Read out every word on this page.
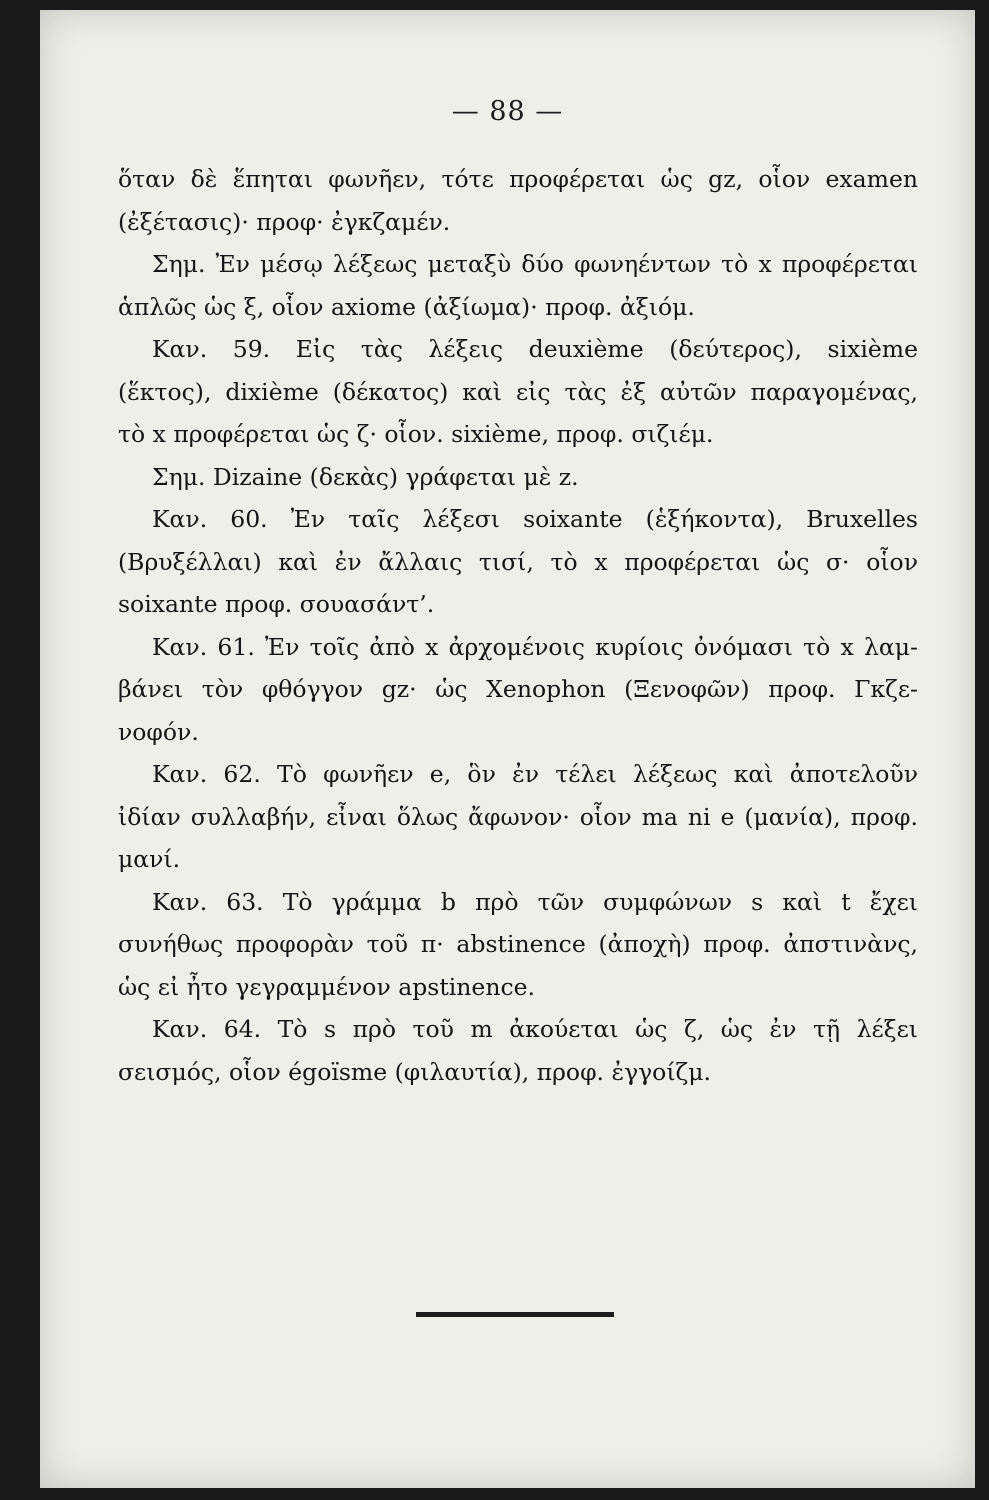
— 88 —
ὅταν δὲ ἕπηται φωνῆεν, τότε προφέρεται ὡς gz, οἷον examen
(ἐξέτασις)· προφ· ἐγκζαμέν.
Σημ. Ἐν μέσῳ λέξεως μεταξὺ δύο φωνηέντων τὸ x προφέρεται
ἁπλῶς ὡς ξ, οἷον axiome (ἀξίωμα)· προφ. ἀξιόμ.
Καν. 59. Εἰς τὰς λέξεις deuxième (δεύτερος), sixième
(ἕκτος), dixième (δέκατος) καὶ εἰς τὰς ἐξ αὐτῶν παραγομένας,
τὸ x προφέρεται ὡς ζ· οἷον. sixième, προφ. σιζιέμ.
Σημ. Dizaine (δεκὰς) γράφεται μὲ z.
Καν. 60. Ἐν ταῖς λέξεσι soixante (ἑξήκοντα), Bruxelles
(Βρυξέλλαι) καὶ ἐν ἄλλαις τισί, τὸ x προφέρεται ὡς σ· οἷον
soixante προφ. σουασάντ’.
Καν. 61. Ἐν τοῖς ἀπὸ x ἀρχομένοις κυρίοις ὀνόμασι τὸ x λαμ-
βάνει τὸν φθόγγον gz· ὡς Xenophon (Ξενοφῶν) προφ. Γκζε-
νοφόν.
Καν. 62. Τὸ φωνῆεν e, ὃν ἐν τέλει λέξεως καὶ ἀποτελοῦν
ἰδίαν συλλαβήν, εἶναι ὅλως ἄφωνον· οἷον ma ni e (μανία), προφ.
μανί.
Καν. 63. Τὸ γράμμα b πρὸ τῶν συμφώνων s καὶ t ἔχει
συνήθως προφορὰν τοῦ π· abstinence (ἀποχὴ) προφ. ἀπστινὰνς,
ὡς εἰ ἦτο γεγραμμένον apstinence.
Καν. 64. Τὸ s πρὸ τοῦ m ἀκούεται ὡς ζ, ὡς ἐν τῇ λέξει
σεισμός, οἷον égoïsme (φιλαυτία), προφ. ἐγγοίζμ.
